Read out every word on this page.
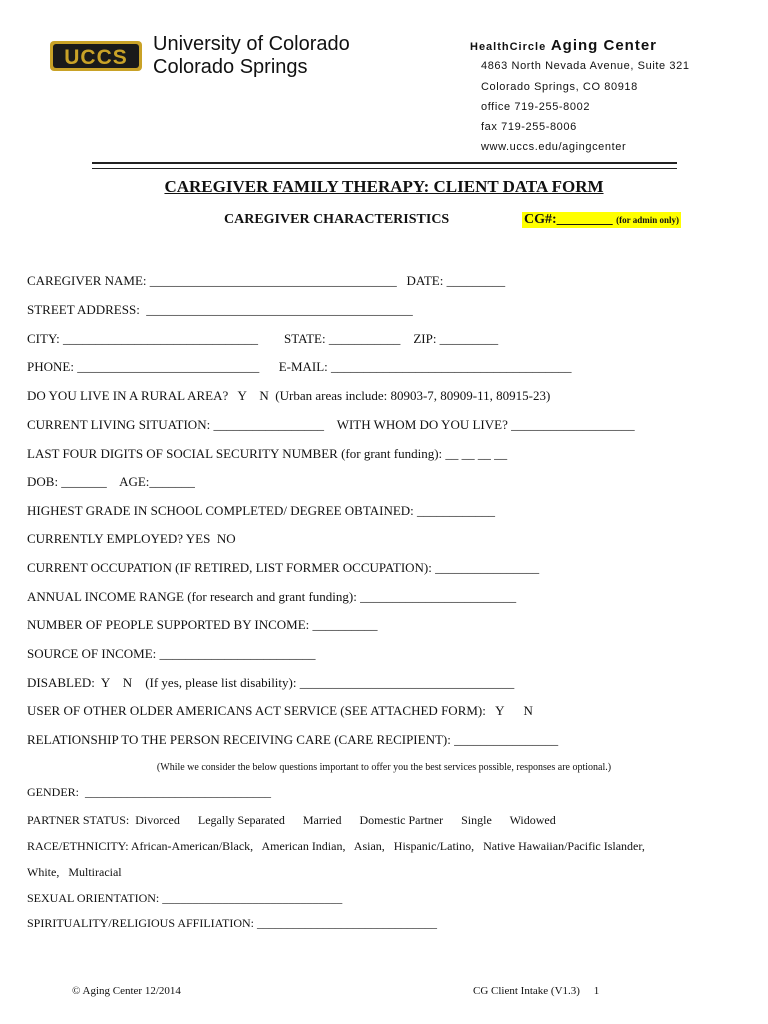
UCCS
University of Colorado
Colorado Springs
HealthCircle Aging Center
4863 North Nevada Avenue, Suite 321
Colorado Springs, CO 80918
office 719-255-8002
fax 719-255-8006
www.uccs.edu/agingcenter
CAREGIVER FAMILY THERAPY: CLIENT DATA FORM
CAREGIVER CHARACTERISTICS	CG#:________ (for admin only)
CAREGIVER NAME: ______________________________________   DATE: _________
STREET ADDRESS:  _________________________________________
CITY: ______________________________        STATE: ___________    ZIP: _________
PHONE: ____________________________      E-MAIL: _____________________________________
DO YOU LIVE IN A RURAL AREA?   Y    N  (Urban areas include: 80903-7, 80909-11, 80915-23)
CURRENT LIVING SITUATION: _________________    WITH WHOM DO YOU LIVE? ___________________
LAST FOUR DIGITS OF SOCIAL SECURITY NUMBER (for grant funding): __ __ __ __
DOB: _______    AGE:_______
HIGHEST GRADE IN SCHOOL COMPLETED/ DEGREE OBTAINED: ____________
CURRENTLY EMPLOYED? YES  NO
CURRENT OCCUPATION (IF RETIRED, LIST FORMER OCCUPATION): ________________
ANNUAL INCOME RANGE (for research and grant funding): ________________________
NUMBER OF PEOPLE SUPPORTED BY INCOME: __________
SOURCE OF INCOME: ________________________
DISABLED:  Y    N    (If yes, please list disability): _________________________________
USER OF OTHER OLDER AMERICANS ACT SERVICE (SEE ATTACHED FORM):   Y      N
RELATIONSHIP TO THE PERSON RECEIVING CARE (CARE RECIPIENT): ________________
(While we consider the below questions important to offer you the best services possible, responses are optional.)
GENDER:  _______________________________
PARTNER STATUS:  Divorced      Legally Separated      Married      Domestic Partner      Single      Widowed
RACE/ETHNICITY: African-American/Black,   American Indian,   Asian,   Hispanic/Latino,   Native Hawaiian/Pacific Islander,
White,   Multiracial
SEXUAL ORIENTATION: ______________________________
SPIRITUALITY/RELIGIOUS AFFILIATION: ______________________________
© Aging Center 12/2014	CG Client Intake (V1.3) 1
